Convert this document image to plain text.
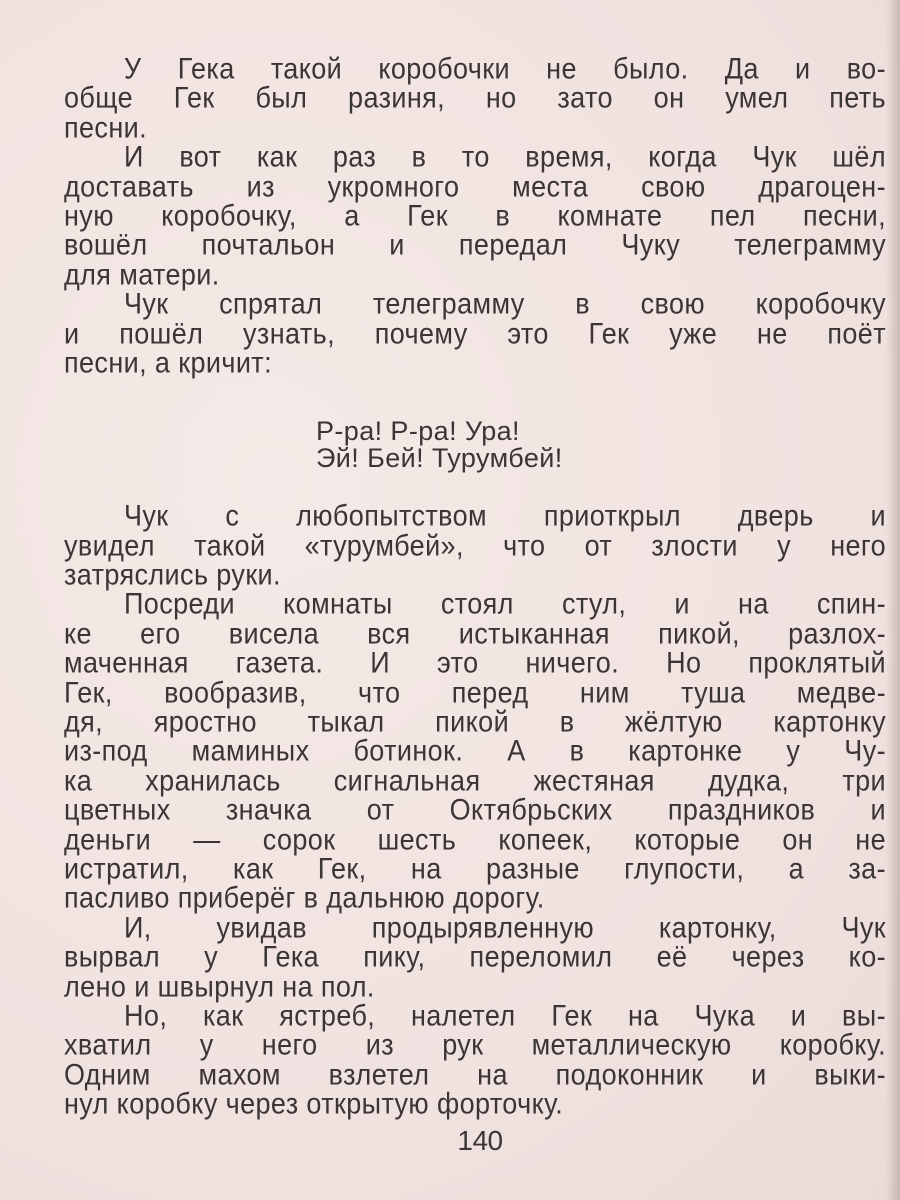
У Гека такой коробочки не было. Да и во-
обще Гек был разиня, но зато он умел петь
песни.
И вот как раз в то время, когда Чук шёл
доставать из укромного места свою драгоцен-
ную коробочку, а Гек в комнате пел песни,
вошёл почтальон и передал Чуку телеграмму
для матери.
Чук спрятал телеграмму в свою коробочку
и пошёл узнать, почему это Гек уже не поёт
песни, а кричит:
Р-ра! Р-ра! Ура!
Эй! Бей! Турумбей!
Чук с любопытством приоткрыл дверь и
увидел такой «турумбей», что от злости у него
затряслись руки.
Посреди комнаты стоял стул, и на спин-
ке его висела вся истыканная пикой, разлох-
маченная газета. И это ничего. Но проклятый
Гек, вообразив, что перед ним туша медве-
дя, яростно тыкал пикой в жёлтую картонку
из-под маминых ботинок. А в картонке у Чу-
ка хранилась сигнальная жестяная дудка, три
цветных значка от Октябрьских праздников и
деньги — сорок шесть копеек, которые он не
истратил, как Гек, на разные глупости, а за-
пасливо приберёг в дальнюю дорогу.
И, увидав продырявленную картонку, Чук
вырвал у Гека пику, переломил её через ко-
лено и швырнул на пол.
Но, как ястреб, налетел Гек на Чука и вы-
хватил у него из рук металлическую коробку.
Одним махом взлетел на подоконник и выки-
нул коробку через открытую форточку.
140
